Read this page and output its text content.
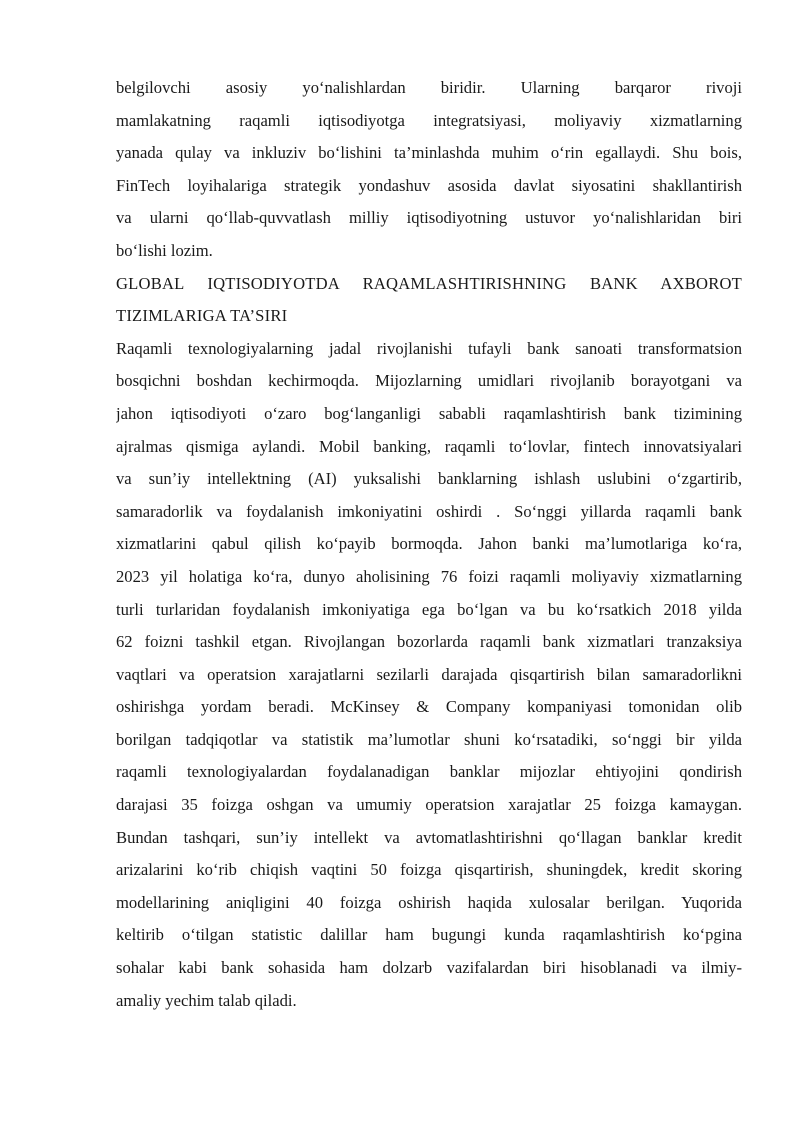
belgilovchi asosiy yo‘nalishlardan biridir. Ularning barqaror rivoji
mamlakatning raqamli iqtisodiyotga integratsiyasi, moliyaviy xizmatlarning
yanada qulay va inkluziv bo‘lishini ta’minlashda muhim o‘rin egallaydi. Shu bois,
FinTech loyihalariga strategik yondashuv asosida davlat siyosatini shakllantirish
va ularni qo‘llab-quvvatlash milliy iqtisodiyotning ustuvor yo‘nalishlaridan biri
bo‘lishi lozim.
GLOBAL IQTISODIYOTDA RAQAMLASHTIRISHNING BANK AXBOROT
TIZIMLARIGA TA’SIRI
Raqamli texnologiyalarning jadal rivojlanishi tufayli bank sanoati transformatsion
bosqichni boshdan kechirmoqda. Mijozlarning umidlari rivojlanib borayotgani va
jahon iqtisodiyoti o‘zaro bog‘langanligi sababli raqamlashtirish bank tizimining
ajralmas qismiga aylandi. Mobil banking, raqamli to‘lovlar, fintech innovatsiyalari
va sun’iy intellektning (AI) yuksalishi banklarning ishlash uslubini o‘zgartirib,
samaradorlik va foydalanish imkoniyatini oshirdi . So‘nggi yillarda raqamli bank
xizmatlarini qabul qilish ko‘payib bormoqda. Jahon banki ma’lumotlariga ko‘ra,
2023 yil holatiga ko‘ra, dunyo aholisining 76 foizi raqamli moliyaviy xizmatlarning
turli turlaridan foydalanish imkoniyatiga ega bo‘lgan va bu ko‘rsatkich 2018 yilda
62 foizni tashkil etgan. Rivojlangan bozorlarda raqamli bank xizmatlari tranzaksiya
vaqtlari va operatsion xarajatlarni sezilarli darajada qisqartirish bilan samaradorlikni
oshirishga yordam beradi. McKinsey & Company kompaniyasi tomonidan olib
borilgan tadqiqotlar va statistik ma’lumotlar shuni ko‘rsatadiki, so‘nggi bir yilda
raqamli texnologiyalardan foydalanadigan banklar mijozlar ehtiyojini qondirish
darajasi 35 foizga oshgan va umumiy operatsion xarajatlar 25 foizga kamaygan.
Bundan tashqari, sun’iy intellekt va avtomatlashtirishni qo‘llagan banklar kredit
arizalarini ko‘rib chiqish vaqtini 50 foizga qisqartirish, shuningdek, kredit skoring
modellarining aniqligini 40 foizga oshirish haqida xulosalar berilgan. Yuqorida
keltirib o‘tilgan statistic dalillar ham bugungi kunda raqamlashtirish ko‘pgina
sohalar kabi bank sohasida ham dolzarb vazifalardan biri hisoblanadi va ilmiy-
amaliy yechim talab qiladi.
